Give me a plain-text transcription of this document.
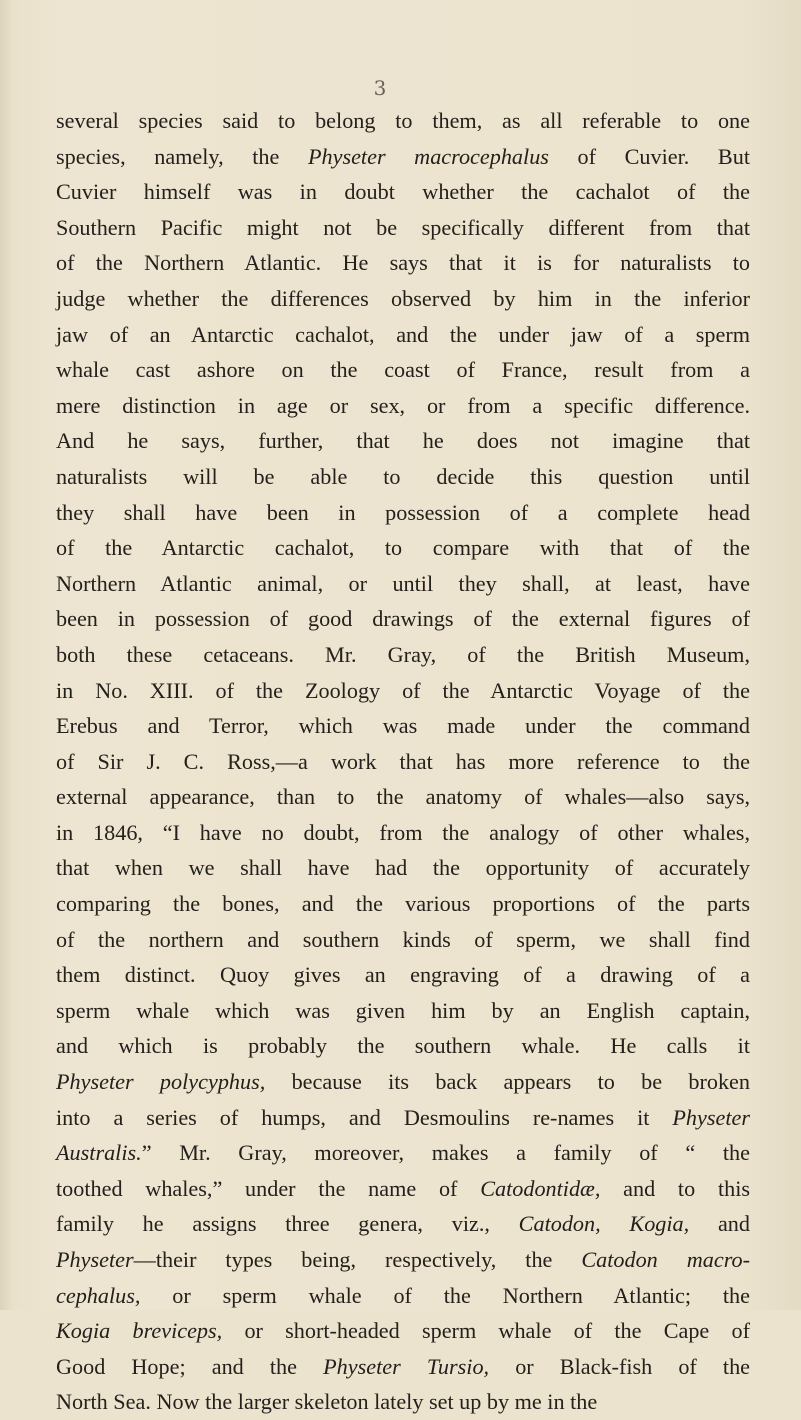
3
several species said to belong to them, as all referable to one
species, namely, the Physeter macrocephalus of Cuvier. But
Cuvier himself was in doubt whether the cachalot of the
Southern Pacific might not be specifically different from that
of the Northern Atlantic. He says that it is for naturalists to
judge whether the differences observed by him in the inferior
jaw of an Antarctic cachalot, and the under jaw of a sperm
whale cast ashore on the coast of France, result from a
mere distinction in age or sex, or from a specific difference.
And he says, further, that he does not imagine that
naturalists will be able to decide this question until
they shall have been in possession of a complete head
of the Antarctic cachalot, to compare with that of the
Northern Atlantic animal, or until they shall, at least, have
been in possession of good drawings of the external figures of
both these cetaceans. Mr. Gray, of the British Museum,
in No. XIII. of the Zoology of the Antarctic Voyage of the
Erebus and Terror, which was made under the command
of Sir J. C. Ross,—a work that has more reference to the
external appearance, than to the anatomy of whales—also says,
in 1846, “I have no doubt, from the analogy of other whales,
that when we shall have had the opportunity of accurately
comparing the bones, and the various proportions of the parts
of the northern and southern kinds of sperm, we shall find
them distinct. Quoy gives an engraving of a drawing of a
sperm whale which was given him by an English captain,
and which is probably the southern whale. He calls it
Physeter polycyphus, because its back appears to be broken
into a series of humps, and Desmoulins re-names it Physeter
Australis.” Mr. Gray, moreover, makes a family of “ the
toothed whales,” under the name of Catodontidæ, and to this
family he assigns three genera, viz., Catodon, Kogia, and
Physeter—their types being, respectively, the Catodon macro-
cephalus, or sperm whale of the Northern Atlantic; the
Kogia breviceps, or short-headed sperm whale of the Cape of
Good Hope; and the Physeter Tursio, or Black-fish of the
North Sea. Now the larger skeleton lately set up by me in the
